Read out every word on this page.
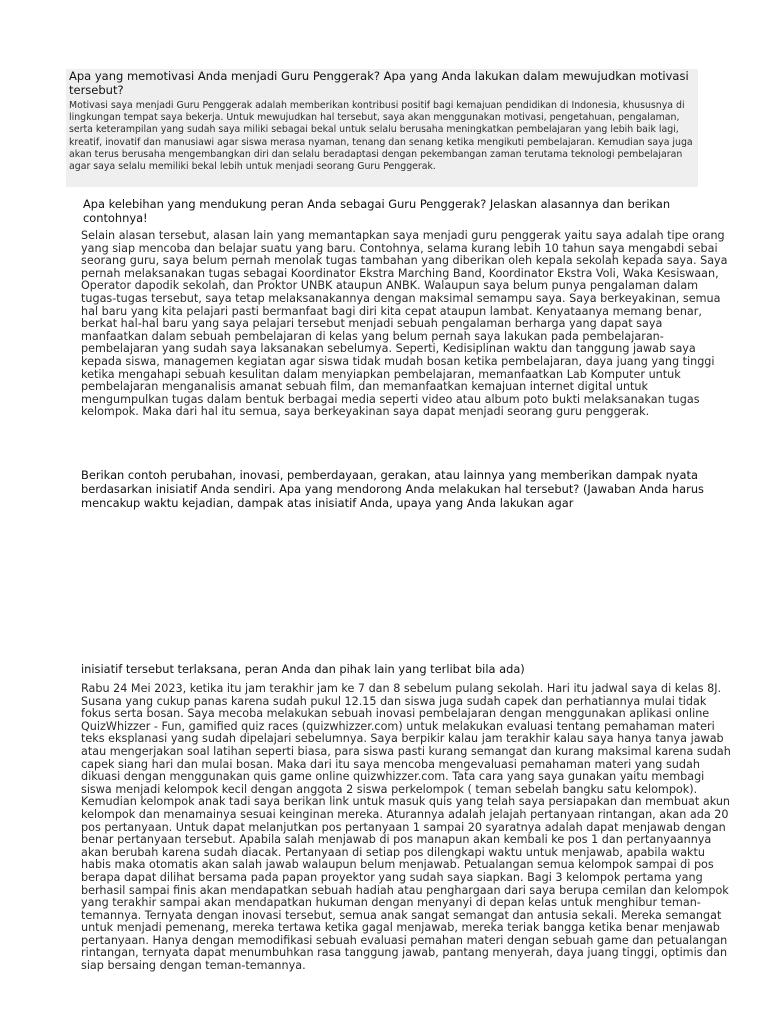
Apa yang memotivasi Anda menjadi Guru Penggerak? Apa yang Anda lakukan dalam mewujudkan motivasi tersebut?

Motivasi saya menjadi Guru Penggerak adalah memberikan kontribusi positif bagi kemajuan pendidikan di Indonesia, khususnya di lingkungan tempat saya bekerja. Untuk mewujudkan hal tersebut, saya akan menggunakan motivasi, pengetahuan, pengalaman, serta keterampilan yang sudah saya miliki sebagai bekal untuk selalu berusaha meningkatkan pembelajaran yang lebih baik lagi, kreatif, inovatif dan manusiawi agar siswa merasa nyaman, tenang dan senang ketika mengikuti pembelajaran. Kemudian saya juga akan terus berusaha mengembangkan diri dan selalu beradaptasi dengan pekembangan zaman terutama teknologi pembelajaran agar saya selalu memiliki bekal lebih untuk menjadi seorang Guru Penggerak.

Apa kelebihan yang mendukung peran Anda sebagai Guru Penggerak? Jelaskan alasannya dan berikan contohnya!

Selain alasan tersebut, alasan lain yang memantapkan saya menjadi guru penggerak yaitu saya adalah tipe orang yang siap mencoba dan belajar suatu yang baru. Contohnya, selama kurang lebih 10 tahun saya mengabdi sebai seorang guru, saya belum pernah menolak tugas tambahan yang diberikan oleh kepala sekolah kepada saya. Saya pernah melaksanakan tugas sebagai Koordinator Ekstra Marching Band, Koordinator Ekstra Voli, Waka Kesiswaan, Operator dapodik sekolah, dan Proktor UNBK ataupun ANBK. Walaupun saya belum punya pengalaman dalam tugas-tugas tersebut, saya tetap melaksanakannya dengan maksimal semampu saya. Saya berkeyakinan, semua hal baru yang kita pelajari pasti bermanfaat bagi diri kita cepat ataupun lambat. Kenyataanya memang benar, berkat hal-hal baru yang saya pelajari tersebut menjadi sebuah pengalaman berharga yang dapat saya manfaatkan dalam sebuah pembelajaran di kelas yang belum pernah saya lakukan pada pembelajaran-pembelajaran yang sudah saya laksanakan sebelumya. Seperti, Kedisiplinan waktu dan tanggung jawab saya kepada siswa, managemen kegiatan agar siswa tidak mudah bosan ketika pembelajaran, daya juang yang tinggi ketika mengahapi sebuah kesulitan dalam menyiapkan pembelajaran, memanfaatkan Lab Komputer untuk pembelajaran menganalisis amanat sebuah film, dan memanfaatkan kemajuan internet digital untuk mengumpulkan tugas dalam bentuk berbagai media seperti video atau album poto bukti melaksanakan tugas kelompok. Maka dari hal itu semua, saya berkeyakinan saya dapat menjadi seorang guru penggerak.

Berikan contoh perubahan, inovasi, pemberdayaan, gerakan, atau lainnya yang memberikan dampak nyata berdasarkan inisiatif Anda sendiri. Apa yang mendorong Anda melakukan hal tersebut? (Jawaban Anda harus mencakup waktu kejadian, dampak atas inisiatif Anda, upaya yang Anda lakukan agar

inisiatif tersebut terlaksana, peran Anda dan pihak lain yang terlibat bila ada)

Rabu 24 Mei 2023, ketika itu jam terakhir jam ke 7 dan 8 sebelum pulang sekolah. Hari itu jadwal saya di kelas 8J. Susana yang cukup panas karena sudah pukul 12.15 dan siswa juga sudah capek dan perhatiannya mulai tidak fokus serta bosan. Saya mecoba melakukan sebuah inovasi pembelajaran dengan menggunakan aplikasi online QuizWhizzer - Fun, gamified quiz races (quizwhizzer.com) untuk melakukan evaluasi tentang pemahaman materi teks eksplanasi yang sudah dipelajari sebelumnya. Saya berpikir kalau jam terakhir kalau saya hanya tanya jawab atau mengerjakan soal latihan seperti biasa, para siswa pasti kurang semangat dan kurang maksimal karena sudah capek siang hari dan mulai bosan. Maka dari itu saya mencoba mengevaluasi pemahaman materi yang sudah dikuasi dengan menggunakan quis game online quizwhizzer.com. Tata cara yang saya gunakan yaitu membagi siswa menjadi kelompok kecil dengan anggota 2 siswa perkelompok ( teman sebelah bangku satu kelompok). Kemudian kelompok anak tadi saya berikan link untuk masuk quis yang telah saya persiapakan dan membuat akun kelompok dan menamainya sesuai keinginan mereka. Aturannya adalah jelajah pertanyaan rintangan, akan ada 20 pos pertanyaan. Untuk dapat melanjutkan pos pertanyaan 1 sampai 20 syaratnya adalah dapat menjawab dengan benar pertanyaan tersebut. Apabila salah menjawab di pos manapun akan kembali ke pos 1 dan pertanyaannya akan berubah karena sudah diacak. Pertanyaan di setiap pos dilengkapi waktu untuk menjawab, apabila waktu habis maka otomatis akan salah jawab walaupun belum menjawab. Petualangan semua kelompok sampai di pos berapa dapat dilihat bersama pada papan proyektor yang sudah saya siapkan. Bagi 3 kelompok pertama yang berhasil sampai finis akan mendapatkan sebuah hadiah atau penghargaan dari saya berupa cemilan dan kelompok yang terakhir sampai akan mendapatkan hukuman dengan menyanyi di depan kelas untuk menghibur teman-temannya. Ternyata dengan inovasi tersebut, semua anak sangat semangat dan antusia sekali. Mereka semangat untuk menjadi pemenang, mereka tertawa ketika gagal menjawab, mereka teriak bangga ketika benar menjawab pertanyaan. Hanya dengan memodifikasi sebuah evaluasi pemahan materi dengan sebuah game dan petualangan rintangan, ternyata dapat menumbuhkan rasa tanggung jawab, pantang menyerah, daya juang tinggi, optimis dan siap bersaing dengan teman-temannya.
